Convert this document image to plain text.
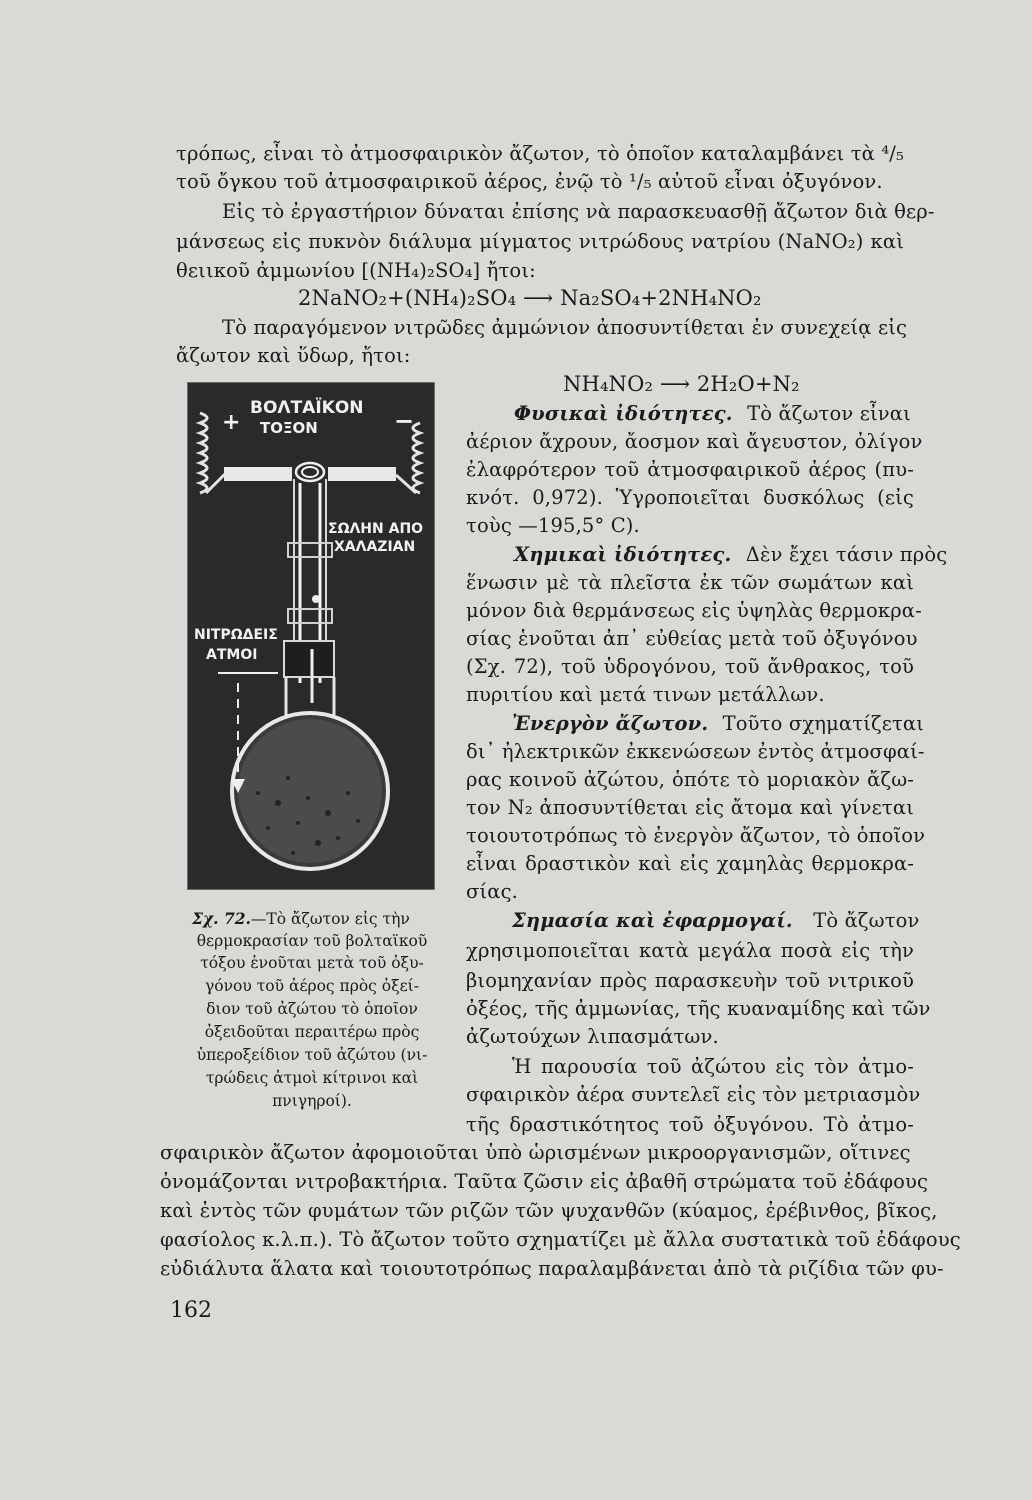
τρόπως, εἶναι τὸ ἀτμοσφαιρικὸν ἄζωτον, τὸ ὁποῖον καταλαμβάνει τὰ ⁴/₅
τοῦ ὄγκου τοῦ ἀτμοσφαιρικοῦ ἀέρος, ἐνῷ τὸ ¹/₅ αὐτοῦ εἶναι ὀξυγόνον.
Εἰς τὸ ἐργαστήριον δύναται ἐπίσης νὰ παρασκευασθῇ ἄζωτον διὰ θερ-
μάνσεως εἰς πυκνὸν διάλυμα μίγματος νιτρώδους νατρίου (NaNO₂) καὶ
θειικοῦ ἀμμωνίου [(NH₄)₂SO₄] ἤτοι:
2NaNO₂+(NH₄)₂SO₄ ⟶ Na₂SO₄+2NH₄NO₂
Τὸ παραγόμενον νιτρῶδες ἀμμώνιον ἀποσυντίθεται ἐν συνεχείᾳ εἰς
ἄζωτον καὶ ὕδωρ, ἤτοι:
NH₄NO₂ ⟶ 2H₂O+N₂
Φυσικαὶ ἰδιότητες. Τὸ ἄζωτον εἶναι
ἀέριον ἄχρουν, ἄοσμον καὶ ἄγευστον, ὀλίγον
ἐλαφρότερον τοῦ ἀτμοσφαιρικοῦ ἀέρος (πυ-
κνότ. 0,972). Ὑγροποιεῖται δυσκόλως (εἰς
τοὺς —195,5° C).
Χημικαὶ ἰδιότητες. Δὲν ἔχει τάσιν πρὸς
ἕνωσιν μὲ τὰ πλεῖστα ἐκ τῶν σωμάτων καὶ
μόνον διὰ θερμάνσεως εἰς ὑψηλὰς θερμοκρα-
σίας ἑνοῦται ἀπ᾽ εὐθείας μετὰ τοῦ ὀξυγόνου
(Σχ. 72), τοῦ ὑδρογόνου, τοῦ ἄνθρακος, τοῦ
πυριτίου καὶ μετά τινων μετάλλων.
Ἐνεργὸν ἄζωτον. Τοῦτο σχηματίζεται
δι᾽ ἠλεκτρικῶν ἐκκενώσεων ἐντὸς ἀτμοσφαί-
ρας κοινοῦ ἀζώτου, ὁπότε τὸ μοριακὸν ἄζω-
τον N₂ ἀποσυντίθεται εἰς ἄτομα καὶ γίνεται
τοιουτοτρόπως τὸ ἐνεργὸν ἄζωτον, τὸ ὁποῖον
εἶναι δραστικὸν καὶ εἰς χαμηλὰς θερμοκρα-
σίας.
Σημασία καὶ ἐφαρμογαί. Τὸ ἄζωτον
χρησιμοποιεῖται κατὰ μεγάλα ποσὰ εἰς τὴν
βιομηχανίαν πρὸς παρασκευὴν τοῦ νιτρικοῦ
ὀξέος, τῆς ἀμμωνίας, τῆς κυαναμίδης καὶ τῶν
ἀζωτούχων λιπασμάτων.
Ἡ παρουσία τοῦ ἀζώτου εἰς τὸν ἀτμο-
σφαιρικὸν ἀέρα συντελεῖ εἰς τὸν μετριασμὸν
τῆς δραστικότητος τοῦ ὀξυγόνου. Τὸ ἀτμο-
σφαιρικὸν ἄζωτον ἀφομοιοῦται ὑπὸ ὡρισμένων μικροοργανισμῶν, οἵτινες
ὀνομάζονται νιτροβακτήρια. Ταῦτα ζῶσιν εἰς ἀβαθῆ στρώματα τοῦ ἐδάφους
καὶ ἐντὸς τῶν φυμάτων τῶν ριζῶν τῶν ψυχανθῶν (κύαμος, ἐρέβινθος, βῖκος,
φασίολος κ.λ.π.). Τὸ ἄζωτον τοῦτο σχηματίζει μὲ ἄλλα συστατικὰ τοῦ ἐδάφους
εὐδιάλυτα ἅλατα καὶ τοιουτοτρόπως παραλαμβάνεται ἀπὸ τὰ ριζίδια τῶν φυ-
ΒΟΛΤΑΪΚΟΝ
ΤΟΞΟΝ
+	−
ΣΩΛΗΝ ΑΠΟ
ΧΑΛΑΖΙΑΝ
ΝΙΤΡΩΔΕΙΣ
ΑΤΜΟΙ
Σχ. 72.—Τὸ ἄζωτον εἰς τὴν
θερμοκρασίαν τοῦ βολταϊκοῦ
τόξου ἑνοῦται μετὰ τοῦ ὀξυ-
γόνου τοῦ ἀέρος πρὸς ὀξεί-
διον τοῦ ἀζώτου τὸ ὁποῖον
ὀξειδοῦται περαιτέρω πρὸς
ὑπεροξείδιον τοῦ ἀζώτου (νι-
τρώδεις ἀτμοὶ κίτρινοι καὶ
πνιγηροί).
162
